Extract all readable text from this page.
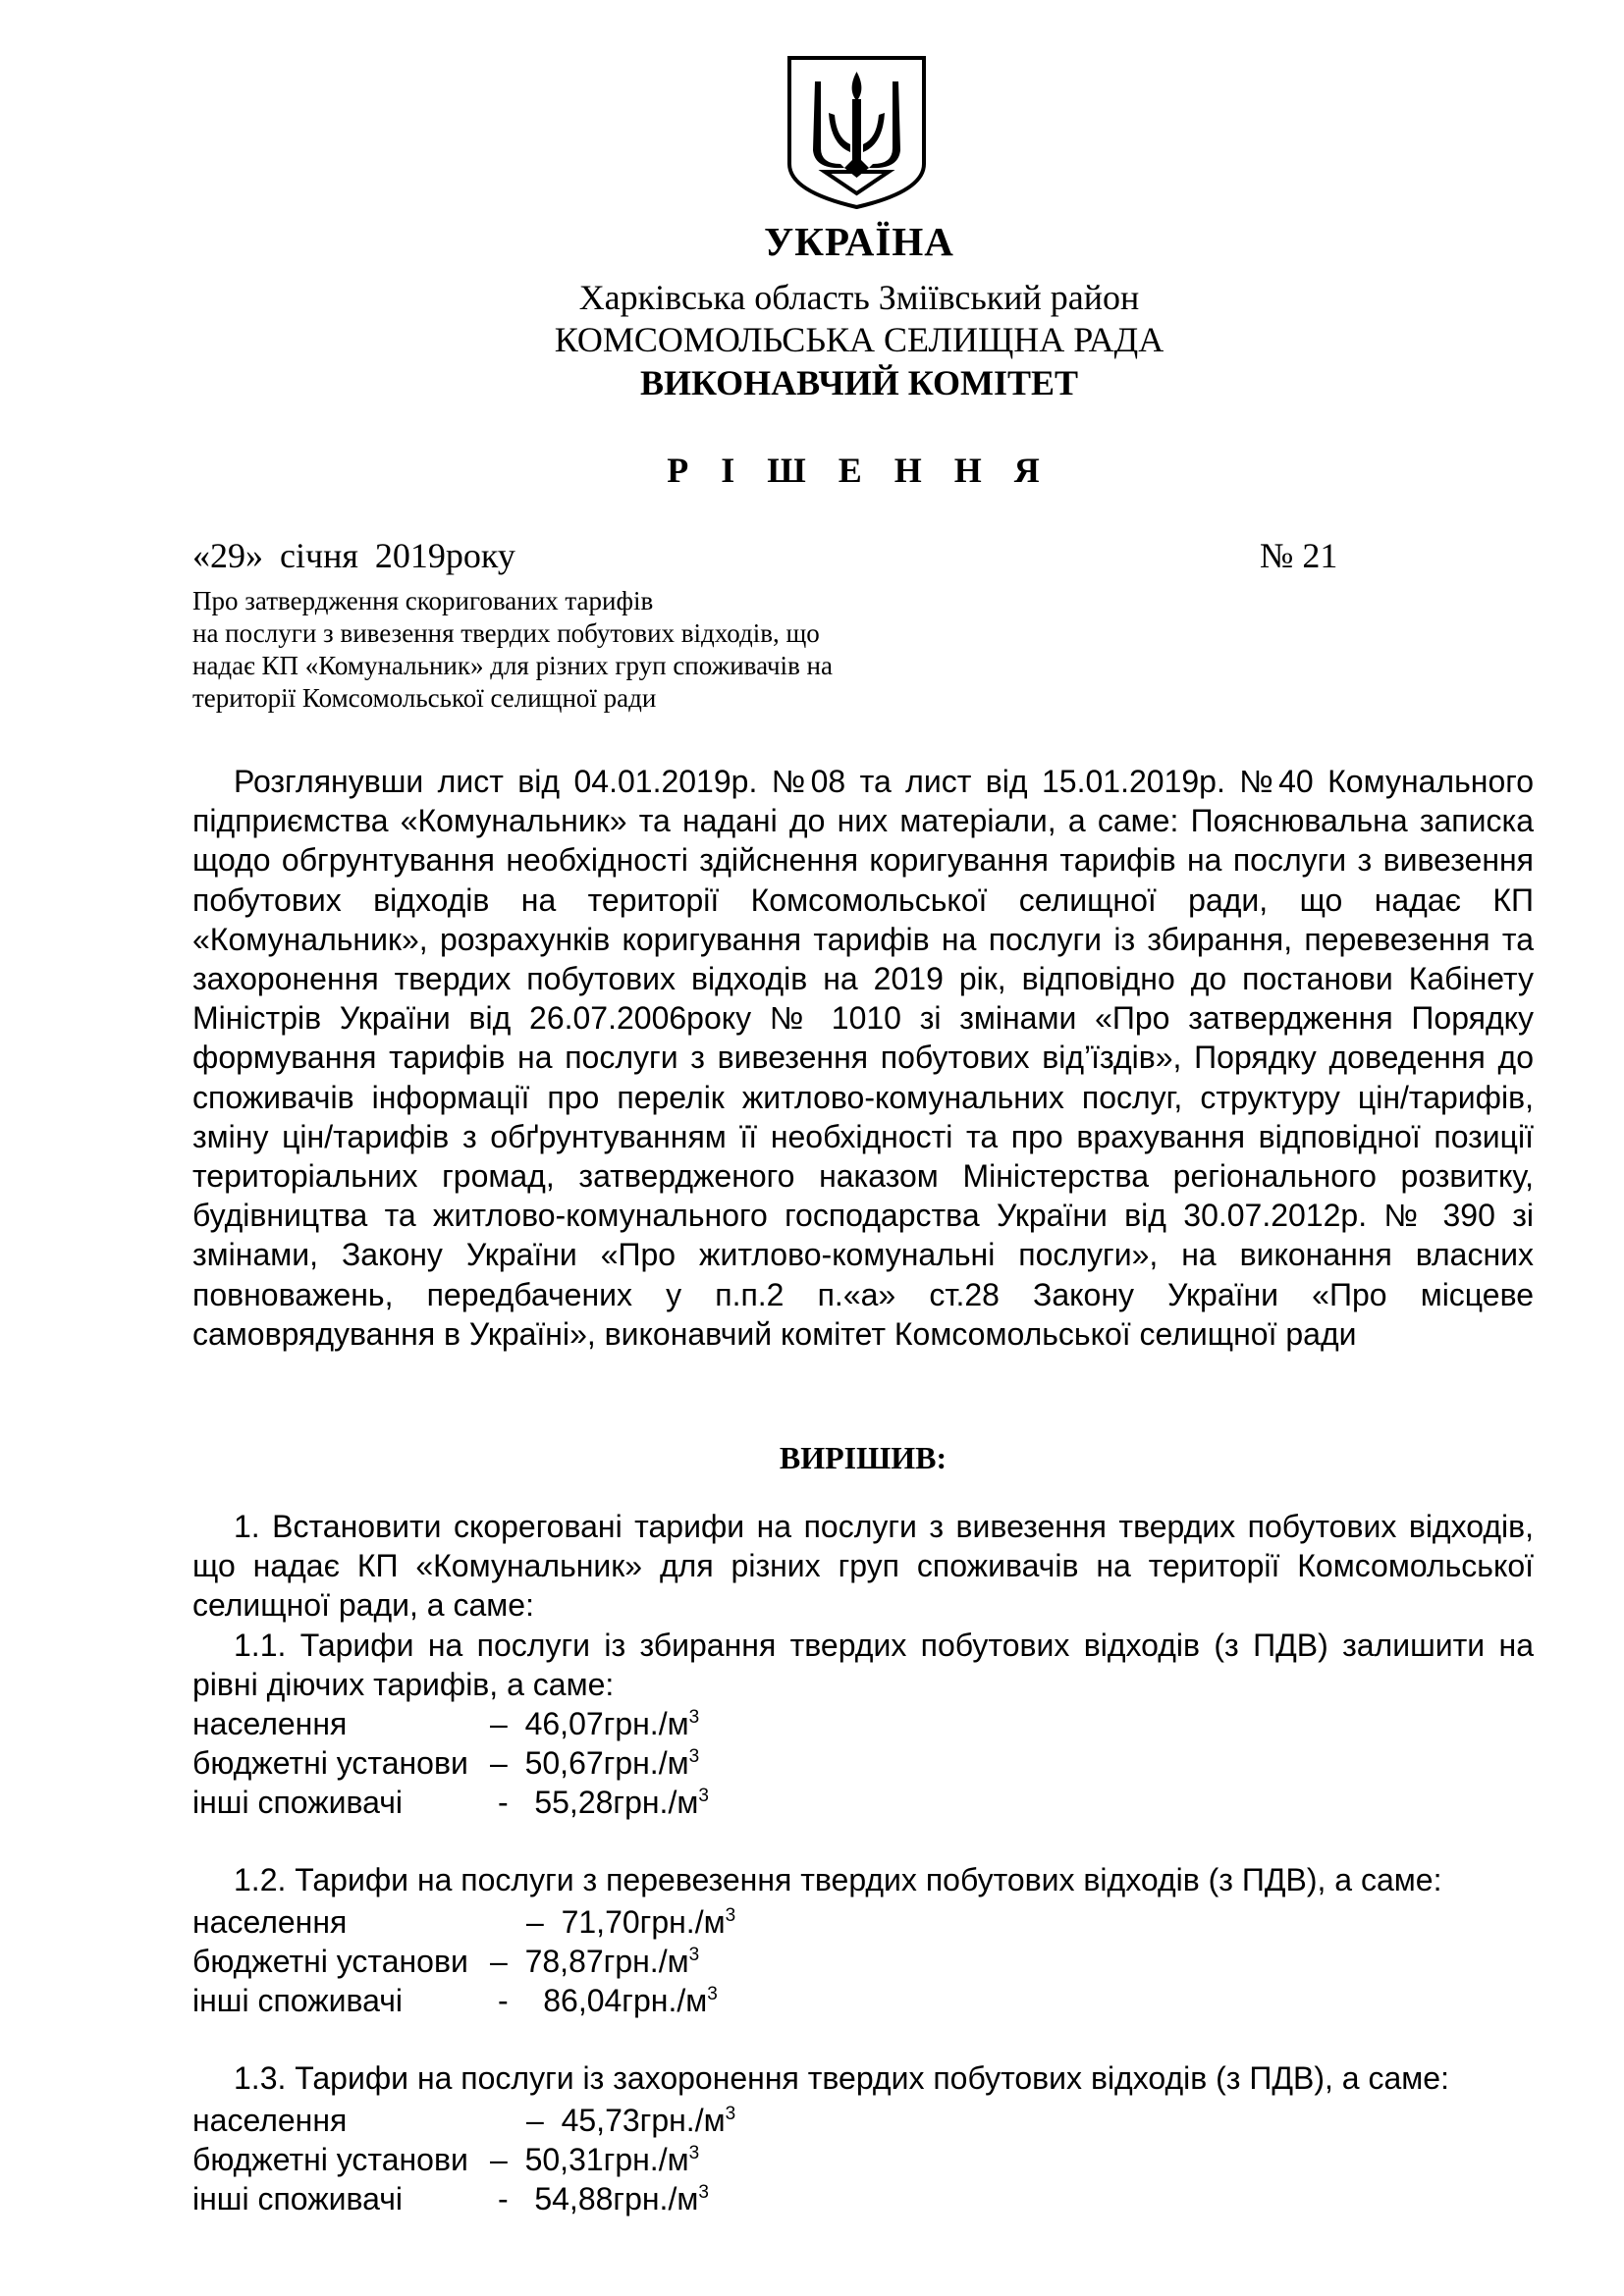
УКРАЇНА
Харківська область Зміївський район
КОМСОМОЛЬСЬКА СЕЛИЩНА РАДА
ВИКОНАВЧИЙ КОМІТЕТ
Р І Ш Е Н Н Я
«29» січня 2019року	№ 21
Про затвердження скоригованих тарифів
на послуги з вивезення твердих побутових відходів, що
надає КП «Комунальник» для різних груп споживачів на
території Комсомольської селищної ради
Розглянувши лист від 04.01.2019р. №08 та лист від 15.01.2019р. №40 Комунального підприємства «Комунальник» та надані до них матеріали, а саме: Пояснювальна записка щодо обгрунтування необхідності здійснення коригування тарифів на послуги з вивезення побутових відходів на території Комсомольської селищної ради, що надає КП «Комунальник», розрахунків коригування тарифів на послуги із збирання, перевезення та захоронення твердих побутових відходів на 2019 рік, відповідно до постанови Кабінету Міністрів України від 26.07.2006року № 1010 зі змінами «Про затвердження Порядку формування тарифів на послуги з вивезення побутових від’їздів», Порядку доведення до споживачів інформації про перелік житлово-комунальних послуг, структуру цін/тарифів, зміну цін/тарифів з обґрунтуванням її необхідності та про врахування відповідної позиції територіальних громад, затвердженого наказом Міністерства регіонального розвитку, будівництва та житлово-комунального господарства України від 30.07.2012р. № 390 зі змінами, Закону України «Про житлово-комунальні послуги», на виконання власних повноважень, передбачених у п.п.2 п.«а» ст.28 Закону України «Про місцеве самоврядування в Україні», виконавчий комітет Комсомольської селищної ради
ВИРІШИВ:
1. Встановити скореговані тарифи на послуги з вивезення твердих побутових відходів, що надає КП «Комунальник» для різних груп споживачів на території Комсомольської селищної ради, а саме:
1.1. Тарифи на послуги із збирання твердих побутових відходів (з ПДВ) залишити на рівні діючих тарифів, а саме:
населення	– $46,07грн./м^3$
бюджетні установи – $50,67грн./м^3$
інші споживачі	- $55,28грн./м^3$
1.2. Тарифи на послуги з перевезення твердих побутових відходів (з ПДВ), а саме:
населення	– $71,70грн./м^3$
бюджетні установи – $78,87грн./м^3$
інші споживачі	- $86,04грн./м^3$
1.3. Тарифи на послуги із захоронення твердих побутових відходів (з ПДВ), а саме:
населення	– $45,73грн./м^3$
бюджетні установи – $50,31грн./м^3$
інші споживачі	- $54,88грн./м^3$
